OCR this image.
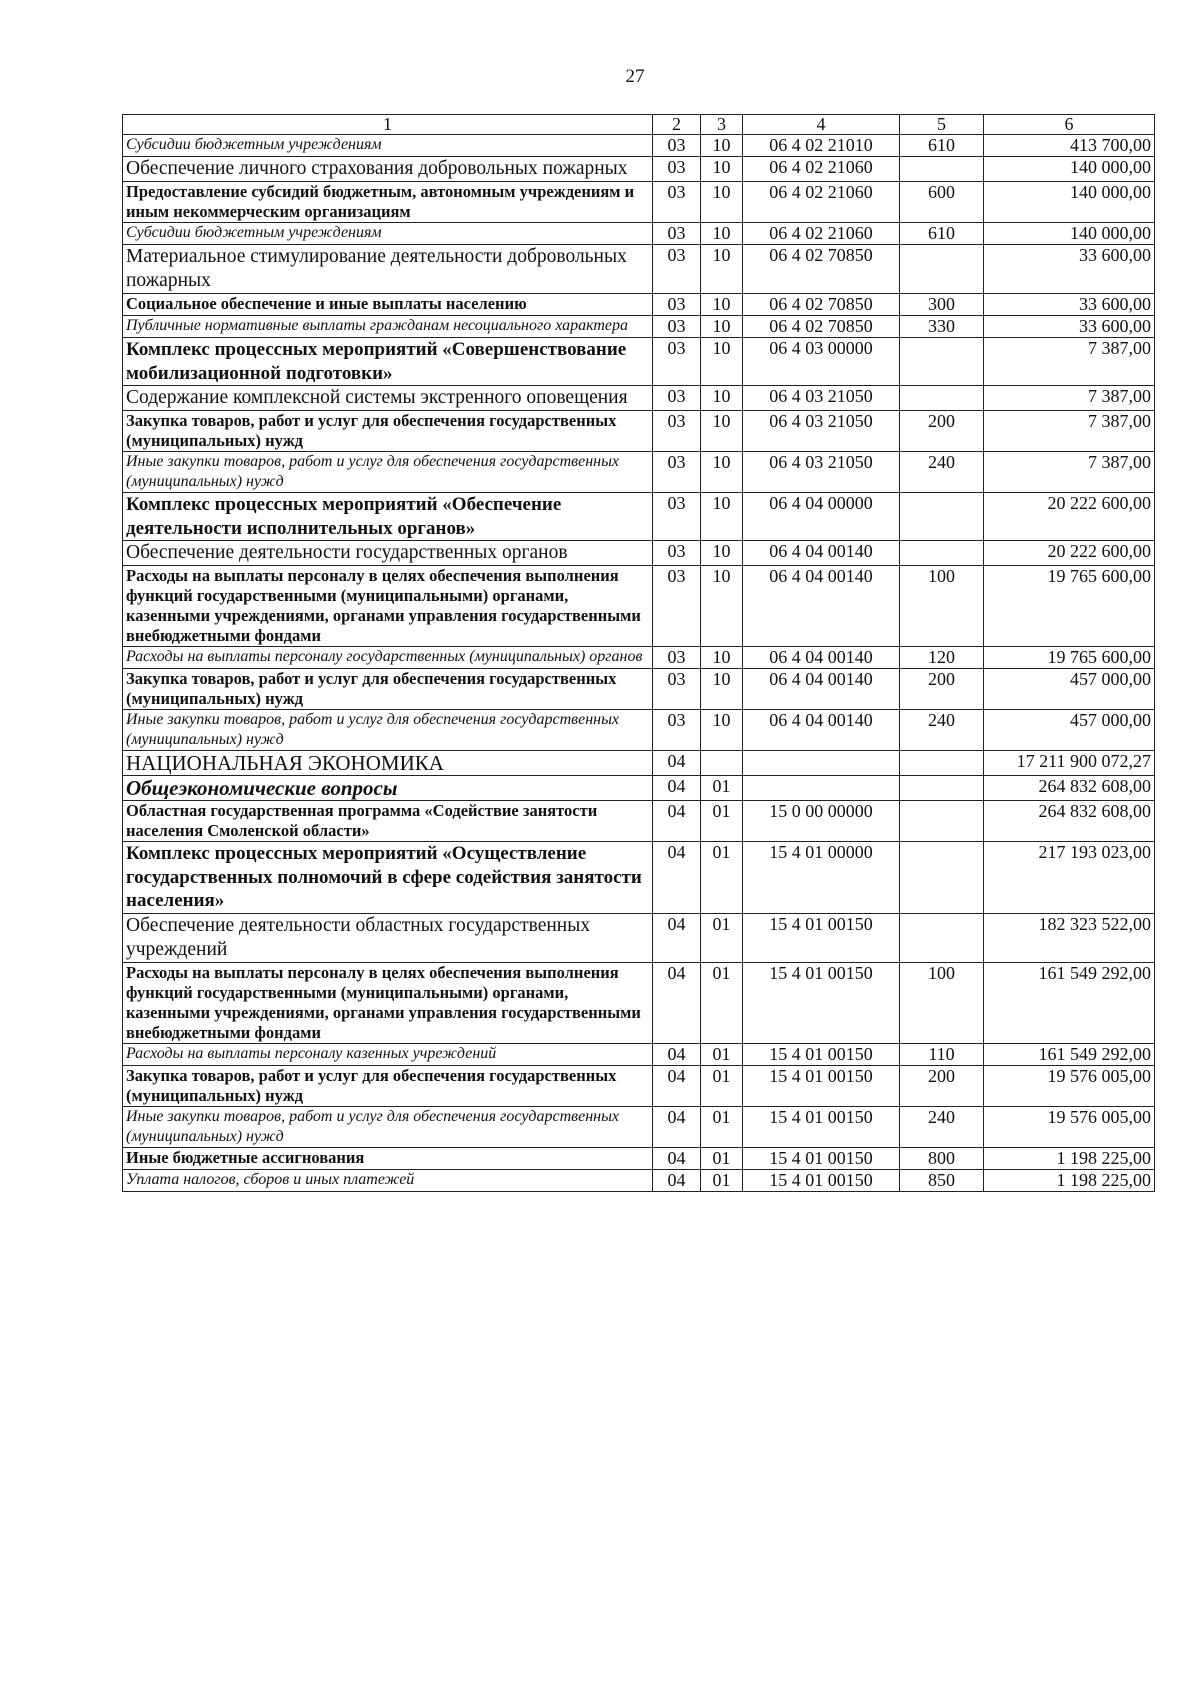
27
1	2	3	4	5	6
Субсидии бюджетным учреждениям	03	10	06 4 02 21010	610	413 700,00
Обеспечение личного страхования добровольных пожарных	03	10	06 4 02 21060		140 000,00
Предоставление субсидий бюджетным, автономным учреждениям и иным некоммерческим организациям	03	10	06 4 02 21060	600	140 000,00
Субсидии бюджетным учреждениям	03	10	06 4 02 21060	610	140 000,00
Материальное стимулирование деятельности добровольных пожарных	03	10	06 4 02 70850		33 600,00
Социальное обеспечение и иные выплаты населению	03	10	06 4 02 70850	300	33 600,00
Публичные нормативные выплаты гражданам несоциального характера	03	10	06 4 02 70850	330	33 600,00
Комплекс процессных мероприятий «Совершенствование мобилизационной подготовки»	03	10	06 4 03 00000		7 387,00
Содержание комплексной системы экстренного оповещения	03	10	06 4 03 21050		7 387,00
Закупка товаров, работ и услуг для обеспечения государственных (муниципальных) нужд	03	10	06 4 03 21050	200	7 387,00
Иные закупки товаров, работ и услуг для обеспечения государственных (муниципальных) нужд	03	10	06 4 03 21050	240	7 387,00
Комплекс процессных мероприятий «Обеспечение деятельности исполнительных органов»	03	10	06 4 04 00000		20 222 600,00
Обеспечение деятельности государственных органов	03	10	06 4 04 00140		20 222 600,00
Расходы на выплаты персоналу в целях обеспечения выполнения функций государственными (муниципальными) органами, казенными учреждениями, органами управления государственными внебюджетными фондами	03	10	06 4 04 00140	100	19 765 600,00
Расходы на выплаты персоналу государственных (муниципальных) органов	03	10	06 4 04 00140	120	19 765 600,00
Закупка товаров, работ и услуг для обеспечения государственных (муниципальных) нужд	03	10	06 4 04 00140	200	457 000,00
Иные закупки товаров, работ и услуг для обеспечения государственных (муниципальных) нужд	03	10	06 4 04 00140	240	457 000,00
НАЦИОНАЛЬНАЯ ЭКОНОМИКА	04				17 211 900 072,27
Общеэкономические вопросы	04	01			264 832 608,00
Областная государственная программа «Содействие занятости населения Смоленской области»	04	01	15 0 00 00000		264 832 608,00
Комплекс процессных мероприятий «Осуществление государственных полномочий в сфере содействия занятости населения»	04	01	15 4 01 00000		217 193 023,00
Обеспечение деятельности областных государственных учреждений	04	01	15 4 01 00150		182 323 522,00
Расходы на выплаты персоналу в целях обеспечения выполнения функций государственными (муниципальными) органами, казенными учреждениями, органами управления государственными внебюджетными фондами	04	01	15 4 01 00150	100	161 549 292,00
Расходы на выплаты персоналу казенных учреждений	04	01	15 4 01 00150	110	161 549 292,00
Закупка товаров, работ и услуг для обеспечения государственных (муниципальных) нужд	04	01	15 4 01 00150	200	19 576 005,00
Иные закупки товаров, работ и услуг для обеспечения государственных (муниципальных) нужд	04	01	15 4 01 00150	240	19 576 005,00
Иные бюджетные ассигнования	04	01	15 4 01 00150	800	1 198 225,00
Уплата налогов, сборов и иных платежей	04	01	15 4 01 00150	850	1 198 225,00
